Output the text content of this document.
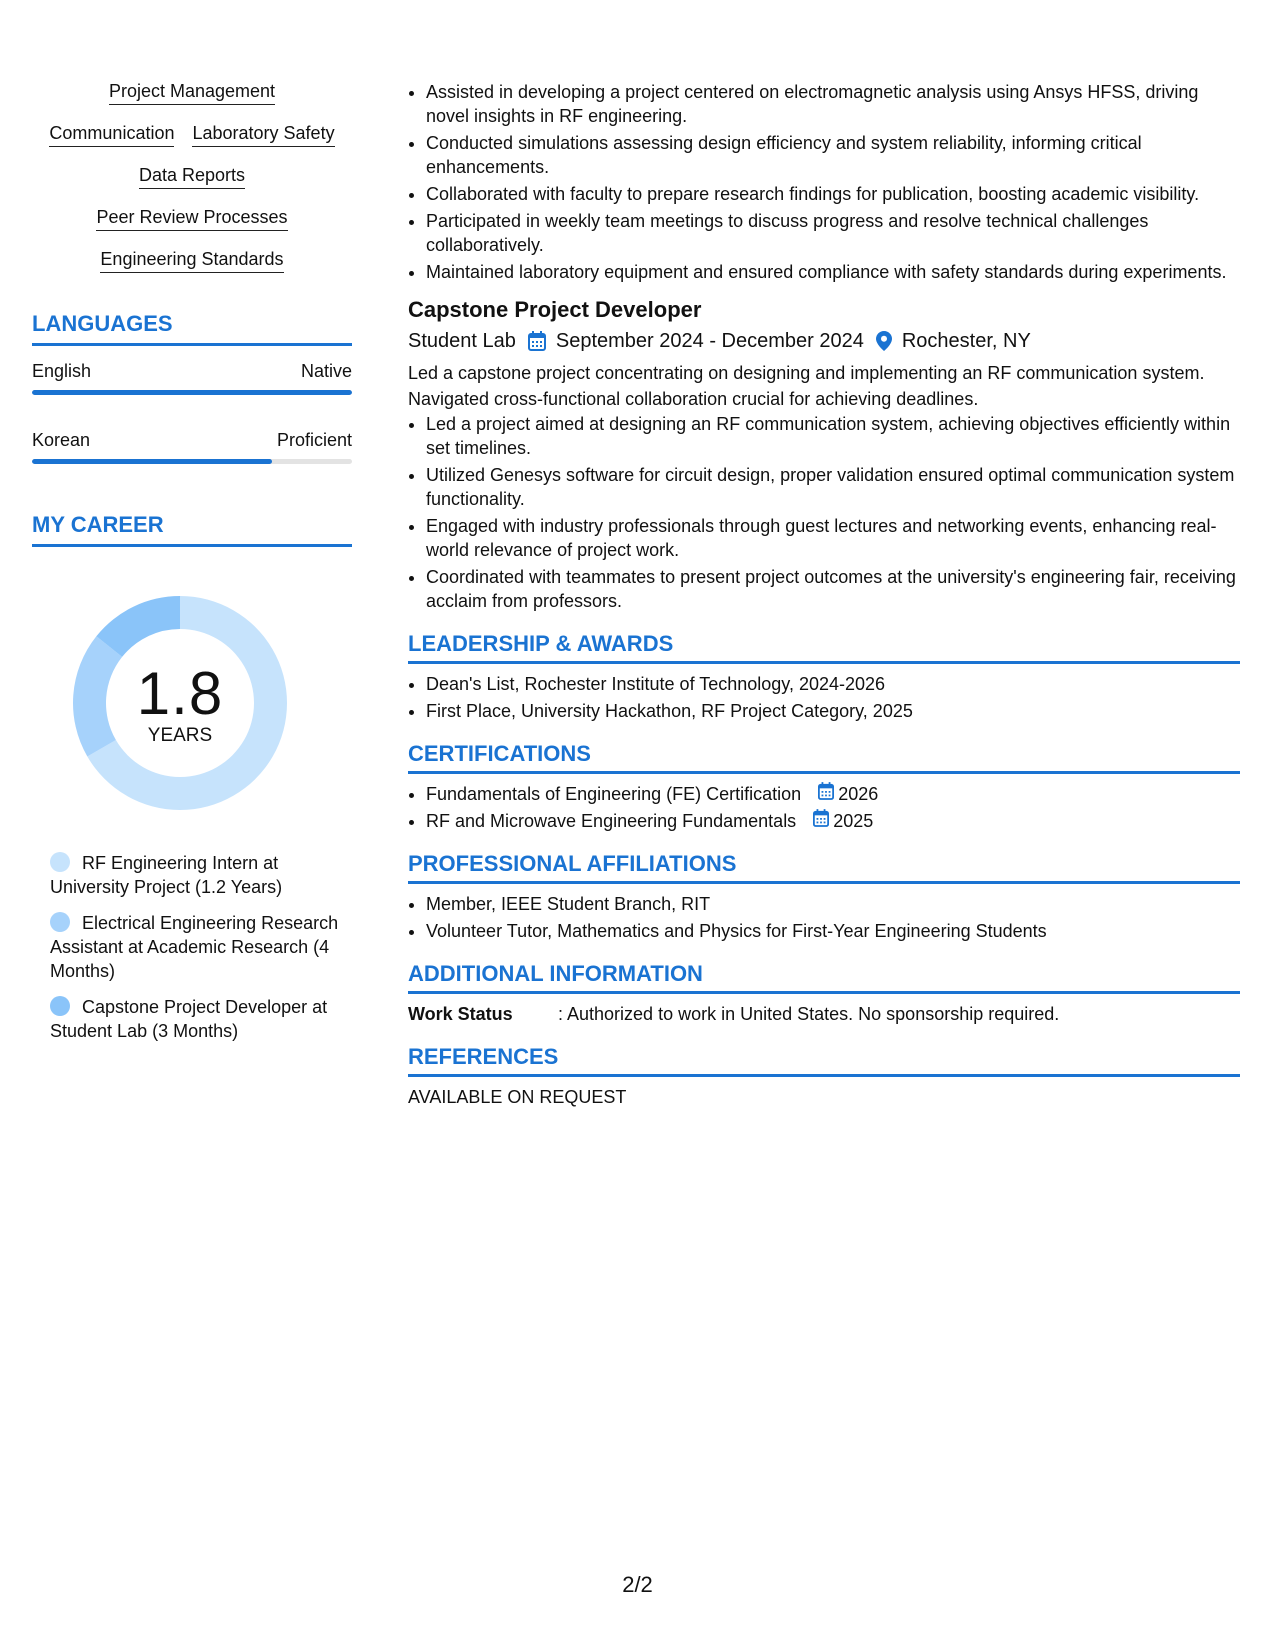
Project Management
Communication Laboratory Safety
Data Reports
Peer Review Processes
Engineering Standards
LANGUAGES
English	Native
Korean	Proficient
MY CAREER
1.8
YEARS
RF Engineering Intern at University Project (1.2 Years)
Electrical Engineering Research Assistant at Academic Research (4 Months)
Capstone Project Developer at Student Lab (3 Months)
• Assisted in developing a project centered on electromagnetic analysis using Ansys HFSS, driving novel insights in RF engineering.
• Conducted simulations assessing design efficiency and system reliability, informing critical enhancements.
• Collaborated with faculty to prepare research findings for publication, boosting academic visibility.
• Participated in weekly team meetings to discuss progress and resolve technical challenges collaboratively.
• Maintained laboratory equipment and ensured compliance with safety standards during experiments.
Capstone Project Developer
Student Lab September 2024 - December 2024 Rochester, NY
Led a capstone project concentrating on designing and implementing an RF communication system. Navigated cross-functional collaboration crucial for achieving deadlines.
• Led a project aimed at designing an RF communication system, achieving objectives efficiently within set timelines.
• Utilized Genesys software for circuit design, proper validation ensured optimal communication system functionality.
• Engaged with industry professionals through guest lectures and networking events, enhancing real-world relevance of project work.
• Coordinated with teammates to present project outcomes at the university's engineering fair, receiving acclaim from professors.
LEADERSHIP & AWARDS
• Dean's List, Rochester Institute of Technology, 2024-2026
• First Place, University Hackathon, RF Project Category, 2025
CERTIFICATIONS
• Fundamentals of Engineering (FE) Certification 2026
• RF and Microwave Engineering Fundamentals 2025
PROFESSIONAL AFFILIATIONS
• Member, IEEE Student Branch, RIT
• Volunteer Tutor, Mathematics and Physics for First-Year Engineering Students
ADDITIONAL INFORMATION
Work Status	: Authorized to work in United States. No sponsorship required.
REFERENCES
AVAILABLE ON REQUEST
2/2
